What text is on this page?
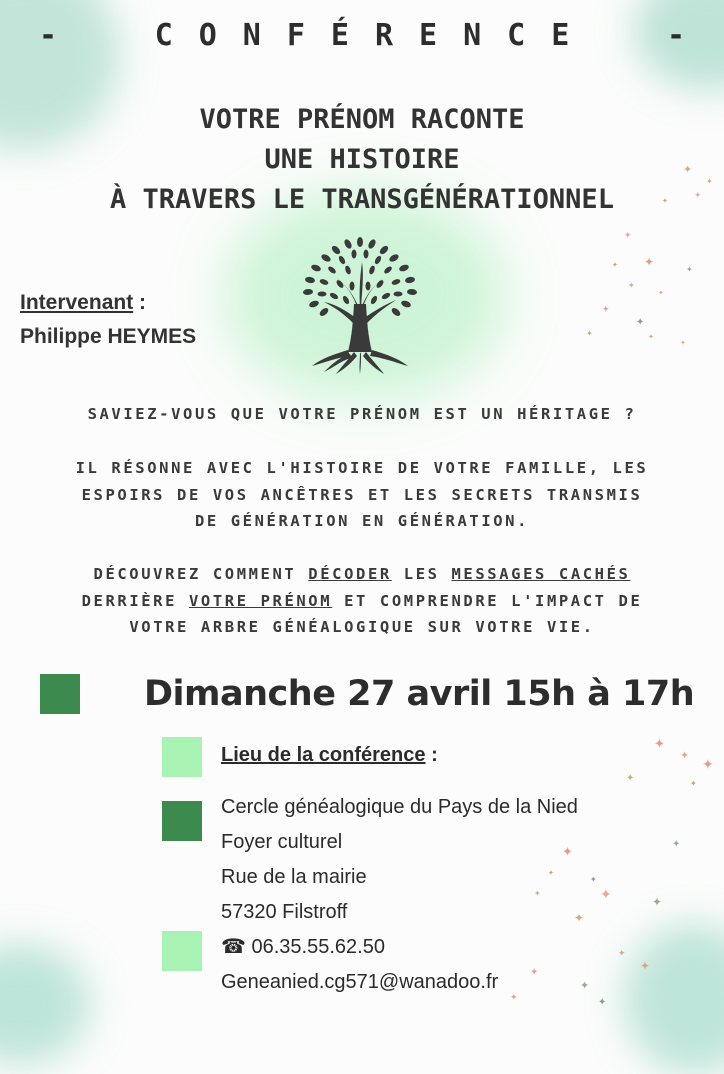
-	CONFÉRENCE	-
VOTRE PRÉNOM RACONTE
UNE HISTOIRE
À TRAVERS LE TRANSGÉNÉRATIONNEL
Intervenant :
Philippe HEYMES
SAVIEZ-VOUS QUE VOTRE PRÉNOM EST UN HÉRITAGE ?
IL RÉSONNE AVEC L'HISTOIRE DE VOTRE FAMILLE, LES
ESPOIRS DE VOS ANCÊTRES ET LES SECRETS TRANSMIS
DE GÉNÉRATION EN GÉNÉRATION.
DÉCOUVREZ COMMENT DÉCODER LES MESSAGES CACHÉS
DERRIÈRE VOTRE PRÉNOM ET COMPRENDRE L'IMPACT DE
VOTRE ARBRE GÉNÉALOGIQUE SUR VOTRE VIE.
Dimanche 27 avril 15h à 17h
Lieu de la conférence :
Cercle généalogique du Pays de la Nied
Foyer culturel
Rue de la mairie
57320 Filstroff
☎ 06.35.55.62.50
Geneanied.cg571@wanadoo.fr
✦
✦
✦
✦
✦
✦
✦	✦
✦
✦
✦
✦
✦	✦
✦
✦
✦
✦
✦	✦
✦
✦
✦
✦
✦
✦
✦
✦
✦
✦
✦
✦
✦
✦
